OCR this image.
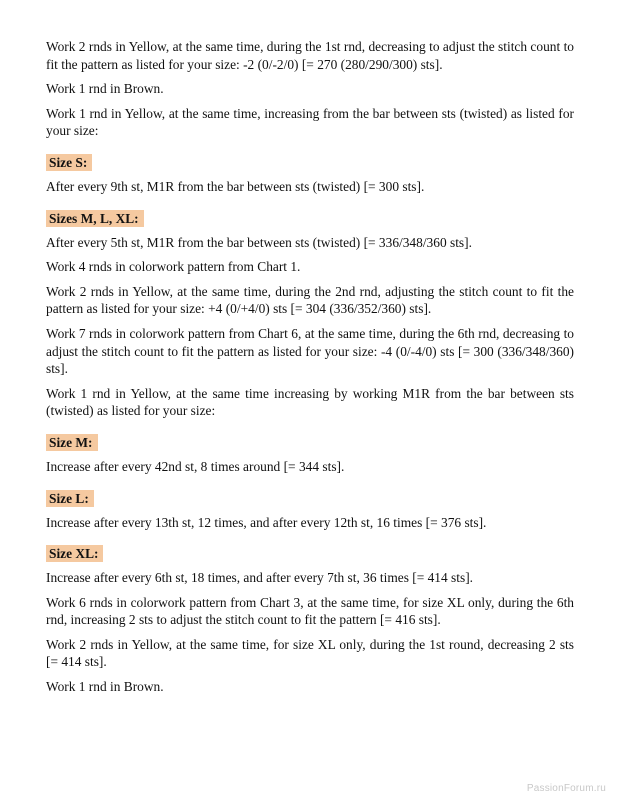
Work 2 rnds in Yellow, at the same time, during the 1st rnd, decreasing to adjust the stitch count to fit the pattern as listed for your size: -2 (0/-2/0) [= 270 (280/290/300) sts].

Work 1 rnd in Brown.

Work 1 rnd in Yellow, at the same time, increasing from the bar between sts (twisted) as listed for your size:

Size S:

After every 9th st, M1R from the bar between sts (twisted) [= 300 sts].

Sizes M, L, XL:

After every 5th st, M1R from the bar between sts (twisted) [= 336/348/360 sts].

Work 4 rnds in colorwork pattern from Chart 1.

Work 2 rnds in Yellow, at the same time, during the 2nd rnd, adjusting the stitch count to fit the pattern as listed for your size: +4 (0/+4/0) sts [= 304 (336/352/360) sts].

Work 7 rnds in colorwork pattern from Chart 6, at the same time, during the 6th rnd, decreasing to adjust the stitch count to fit the pattern as listed for your size: -4 (0/-4/0) sts [= 300 (336/348/360) sts].

Work 1 rnd in Yellow, at the same time increasing by working M1R from the bar between sts (twisted) as listed for your size:

Size M:

Increase after every 42nd st, 8 times around [= 344 sts].

Size L:

Increase after every 13th st, 12 times, and after every 12th st, 16 times [= 376 sts].

Size XL:

Increase after every 6th st, 18 times, and after every 7th st, 36 times [= 414 sts].

Work 6 rnds in colorwork pattern from Chart 3, at the same time, for size XL only, during the 6th rnd, increasing 2 sts to adjust the stitch count to fit the pattern [= 416 sts].

Work 2 rnds in Yellow, at the same time, for size XL only, during the 1st round, decreasing 2 sts [= 414 sts].

Work 1 rnd in Brown.

PassionForum.ru
